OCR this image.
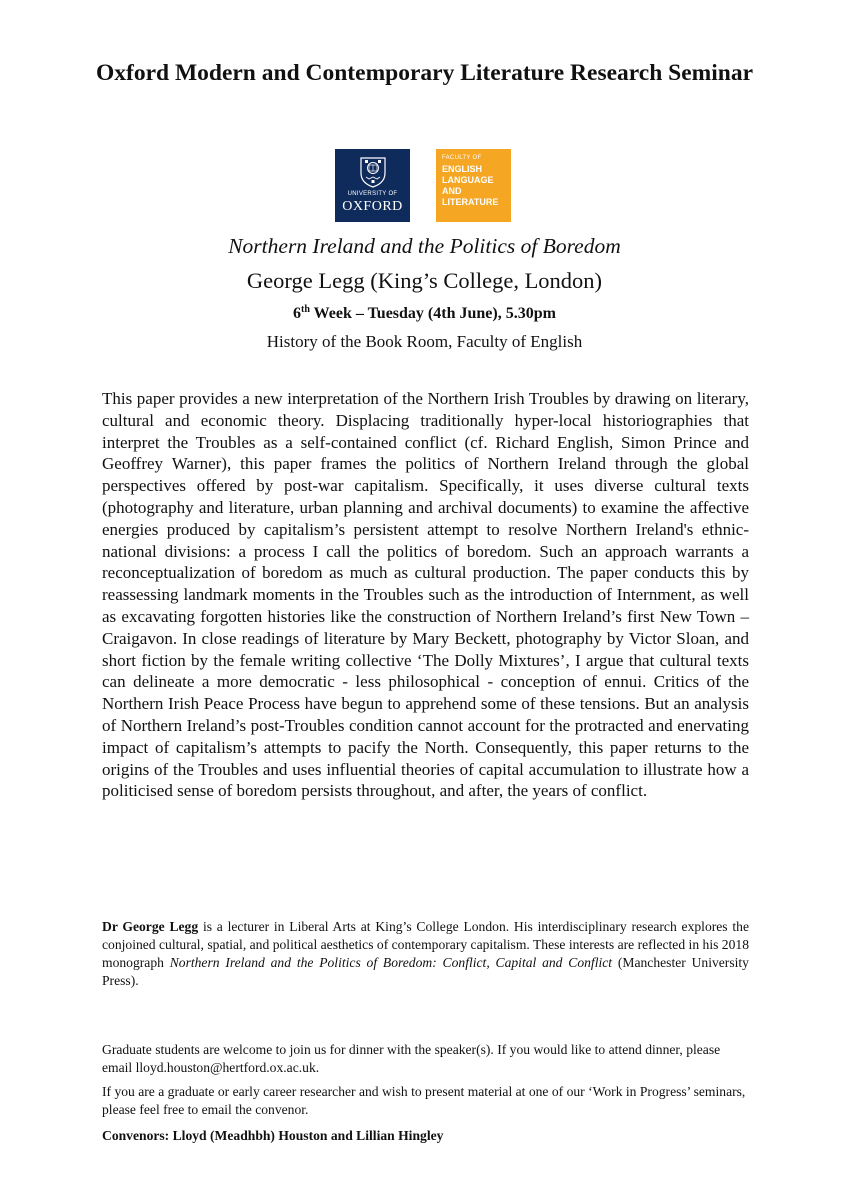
Oxford Modern and Contemporary Literature Research Seminar
UNIVERSITY OF
OXFORD
FACULTY OF
ENGLISH
LANGUAGE
AND
LITERATURE
Northern Ireland and the Politics of Boredom
George Legg (King’s College, London)
6th Week – Tuesday (4th June), 5.30pm
History of the Book Room, Faculty of English

This paper provides a new interpretation of the Northern Irish Troubles by drawing on literary, cultural and economic theory. Displacing traditionally hyper-local historiographies that interpret the Troubles as a self-contained conflict (cf. Richard English, Simon Prince and Geoffrey Warner), this paper frames the politics of Northern Ireland through the global perspectives offered by post-war capitalism. Specifically, it uses diverse cultural texts (photography and literature, urban planning and archival documents) to examine the affective energies produced by capitalism’s persistent attempt to resolve Northern Ireland's ethnic-national divisions: a process I call the politics of boredom. Such an approach warrants a reconceptualization of boredom as much as cultural production. The paper conducts this by reassessing landmark moments in the Troubles such as the introduction of Internment, as well as excavating forgotten histories like the construction of Northern Ireland’s first New Town – Craigavon. In close readings of literature by Mary Beckett, photography by Victor Sloan, and short fiction by the female writing collective ‘The Dolly Mixtures’, I argue that cultural texts can delineate a more democratic - less philosophical - conception of ennui. Critics of the Northern Irish Peace Process have begun to apprehend some of these tensions. But an analysis of Northern Ireland’s post-Troubles condition cannot account for the protracted and enervating impact of capitalism’s attempts to pacify the North. Consequently, this paper returns to the origins of the Troubles and uses influential theories of capital accumulation to illustrate how a politicised sense of boredom persists throughout, and after, the years of conflict.

Dr George Legg is a lecturer in Liberal Arts at King’s College London. His interdisciplinary research explores the conjoined cultural, spatial, and political aesthetics of contemporary capitalism. These interests are reflected in his 2018 monograph Northern Ireland and the Politics of Boredom: Conflict, Capital and Conflict (Manchester University Press).

Graduate students are welcome to join us for dinner with the speaker(s). If you would like to attend dinner, please email lloyd.houston@hertford.ox.ac.uk.

If you are a graduate or early career researcher and wish to present material at one of our ‘Work in Progress’ seminars, please feel free to email the convenor.

Convenors: Lloyd (Meadhbh) Houston and Lillian Hingley
